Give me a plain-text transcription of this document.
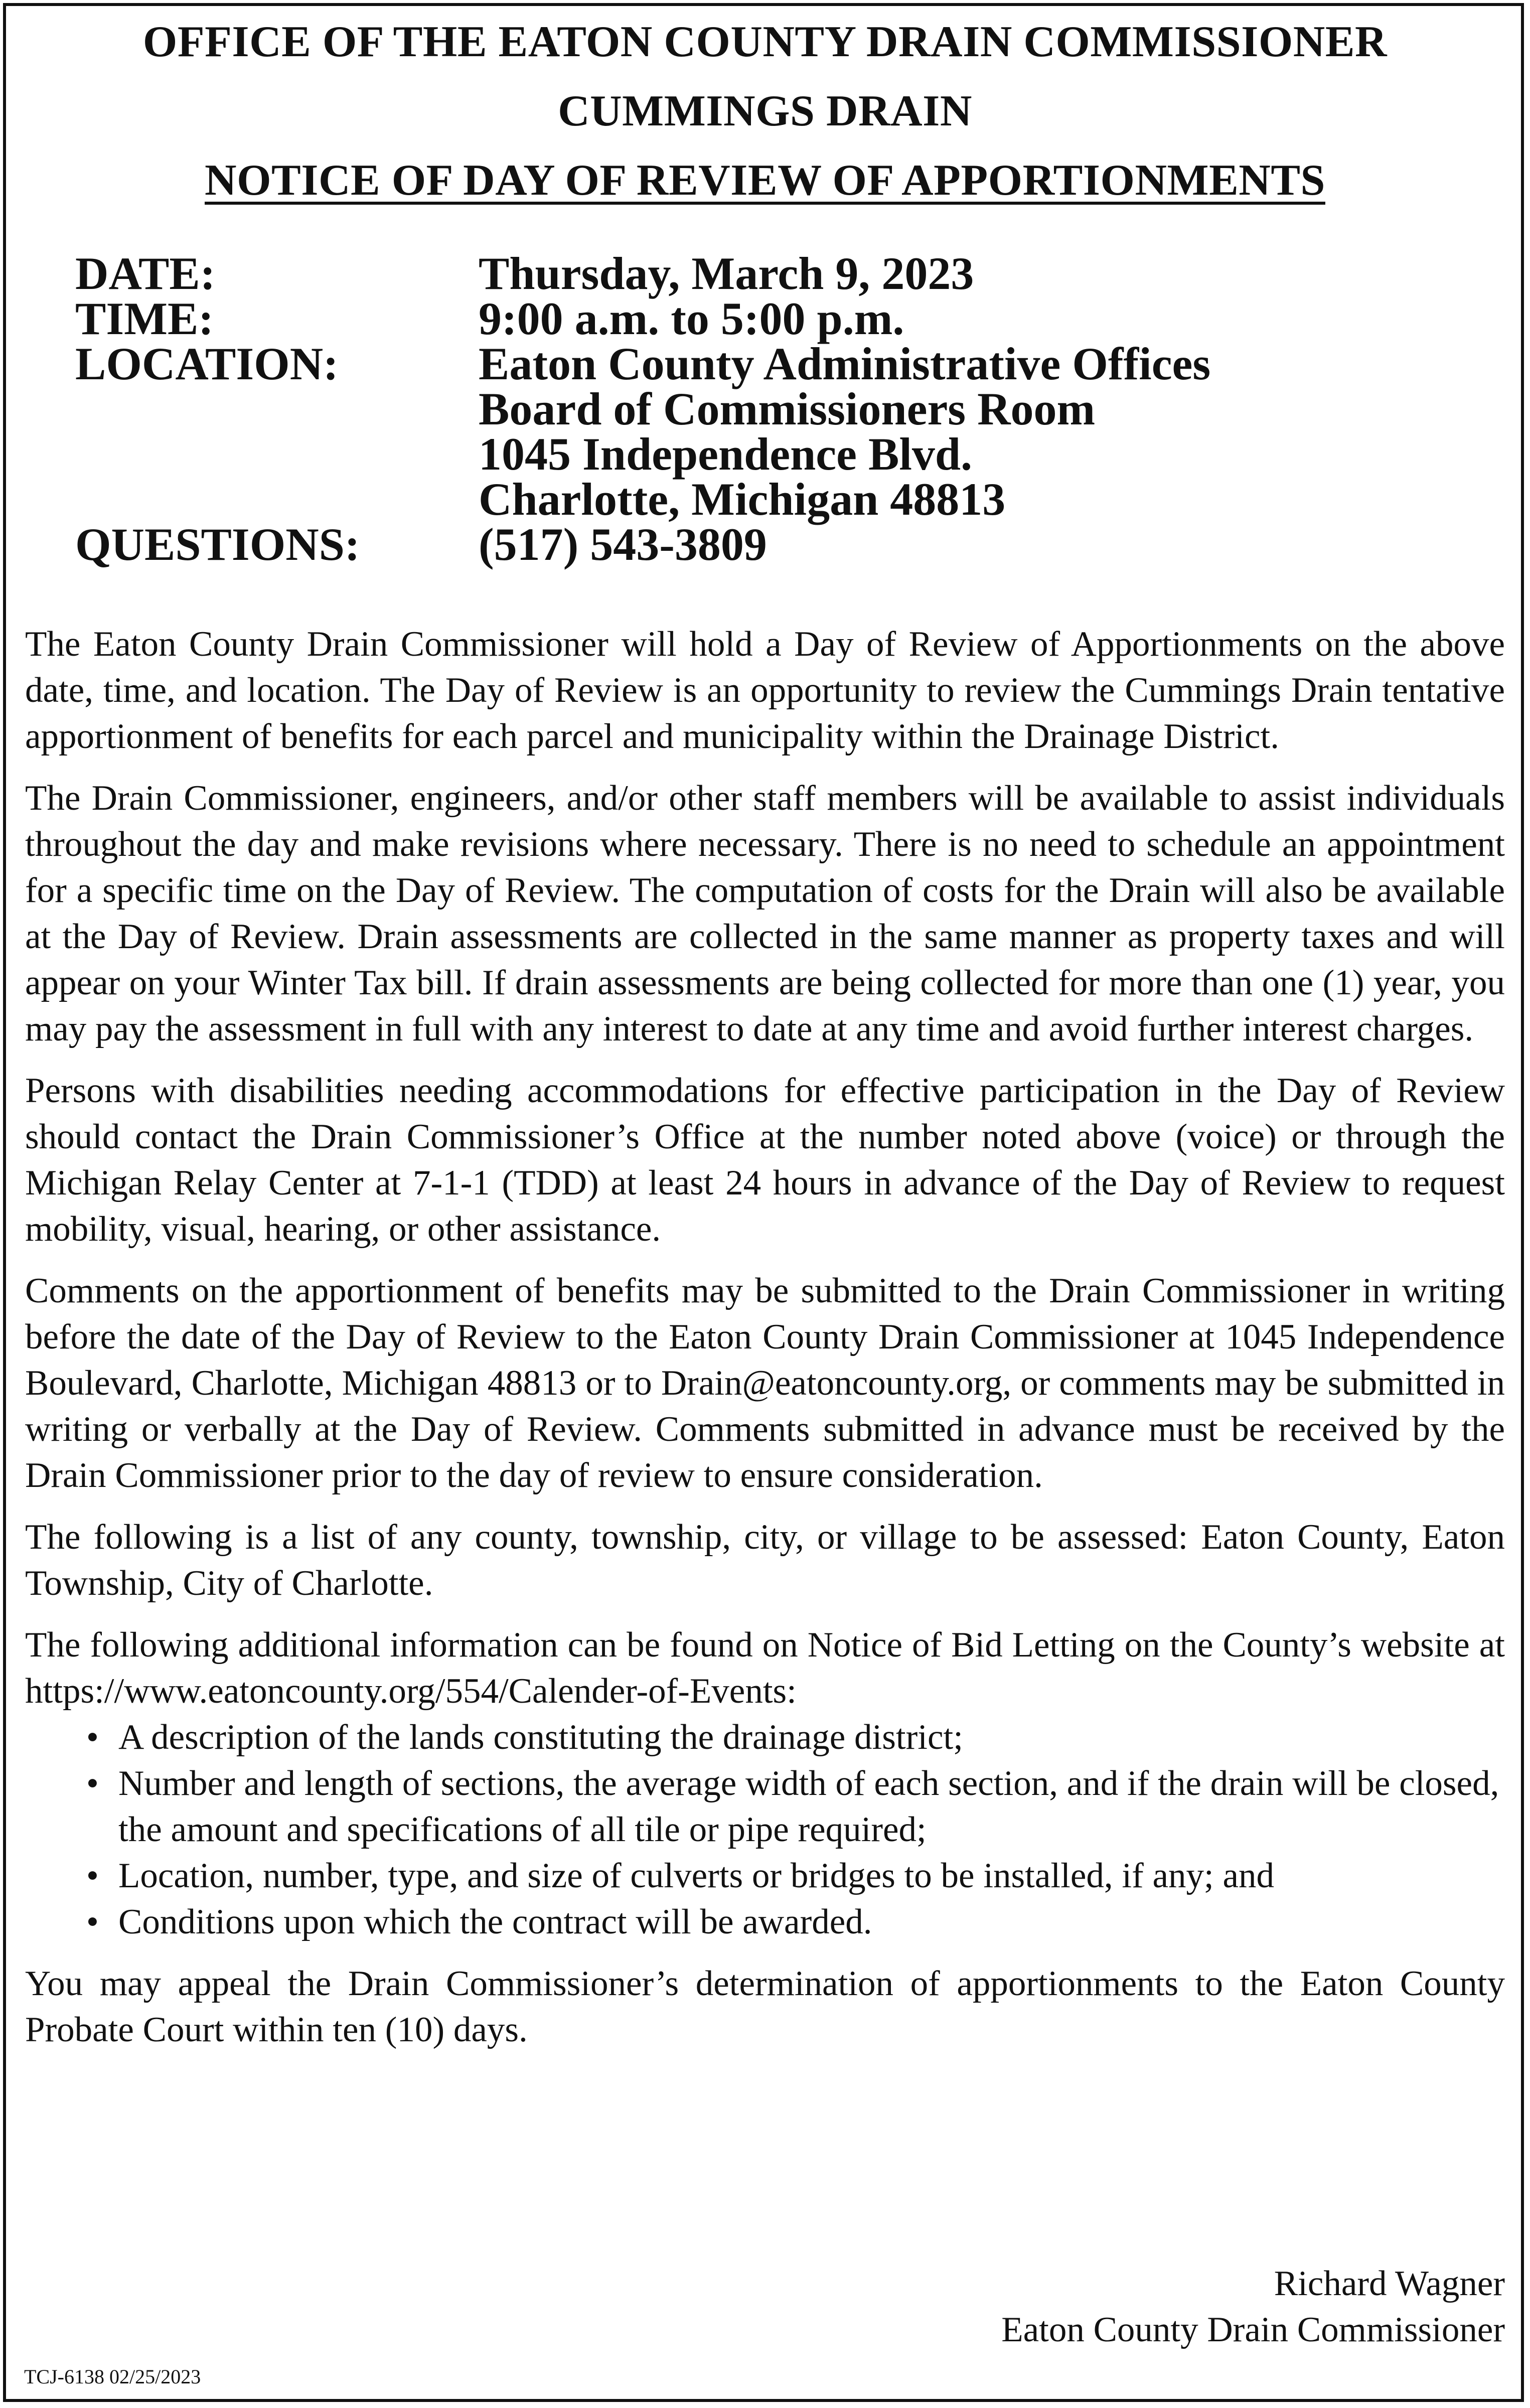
OFFICE OF THE EATON COUNTY DRAIN COMMISSIONER
CUMMINGS DRAIN
NOTICE OF DAY OF REVIEW OF APPORTIONMENTS
DATE:	Thursday, March 9, 2023
TIME:	9:00 a.m. to 5:00 p.m.
LOCATION:	Eaton County Administrative Offices
Board of Commissioners Room
1045 Independence Blvd.
Charlotte, Michigan 48813
QUESTIONS:	(517) 543-3809

The Eaton County Drain Commissioner will hold a Day of Review of Apportionments on the above date, time, and location. The Day of Review is an opportunity to review the Cummings Drain tentative apportionment of benefits for each parcel and municipality within the Drainage District.

The Drain Commissioner, engineers, and/or other staff members will be available to assist individuals throughout the day and make revisions where necessary. There is no need to schedule an appointment for a specific time on the Day of Review. The computation of costs for the Drain will also be available at the Day of Review. Drain assessments are collected in the same manner as property taxes and will appear on your Winter Tax bill. If drain assessments are being collected for more than one (1) year, you may pay the assessment in full with any interest to date at any time and avoid further interest charges.

Persons with disabilities needing accommodations for effective participation in the Day of Review should contact the Drain Commissioner’s Office at the number noted above (voice) or through the Michigan Relay Center at 7-1-1 (TDD) at least 24 hours in advance of the Day of Review to request mobility, visual, hearing, or other assistance.

Comments on the apportionment of benefits may be submitted to the Drain Commissioner in writing before the date of the Day of Review to the Eaton County Drain Commissioner at 1045 Independence Boulevard, Charlotte, Michigan 48813 or to Drain@eatoncounty.org, or comments may be submitted in writing or verbally at the Day of Review. Comments submitted in advance must be received by the Drain Commissioner prior to the day of review to ensure consideration.

The following is a list of any county, township, city, or village to be assessed: Eaton County, Eaton Township, City of Charlotte.

The following additional information can be found on Notice of Bid Letting on the County’s website at https://www.eatoncounty.org/554/Calender-of-Events:

• A description of the lands constituting the drainage district;
• Number and length of sections, the average width of each section, and if the drain will be closed, the amount and specifications of all tile or pipe required;
• Location, number, type, and size of culverts or bridges to be installed, if any; and
• Conditions upon which the contract will be awarded.

You may appeal the Drain Commissioner’s determination of apportionments to the Eaton County Probate Court within ten (10) days.

Richard Wagner
Eaton County Drain Commissioner
TCJ-6138 02/25/2023
